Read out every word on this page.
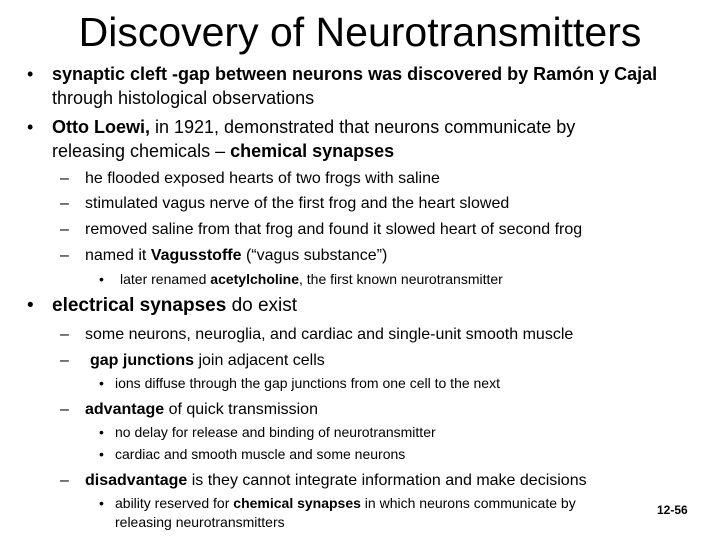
Discovery of Neurotransmitters
• synaptic cleft -gap between neurons was discovered by Ramón y Cajal
through histological observations
• Otto Loewi, in 1921, demonstrated that neurons communicate by
releasing chemicals – chemical synapses
– he flooded exposed hearts of two frogs with saline
– stimulated vagus nerve of the first frog and the heart slowed
– removed saline from that frog and found it slowed heart of second frog
– named it Vagusstoffe (“vagus substance”)
• later renamed acetylcholine, the first known neurotransmitter
• electrical synapses do exist
– some neurons, neuroglia, and cardiac and single-unit smooth muscle
– gap junctions join adjacent cells
• ions diffuse through the gap junctions from one cell to the next
– advantage of quick transmission
• no delay for release and binding of neurotransmitter
• cardiac and smooth muscle and some neurons
– disadvantage is they cannot integrate information and make decisions
• ability reserved for chemical synapses in which neurons communicate by
releasing neurotransmitters
12-56
